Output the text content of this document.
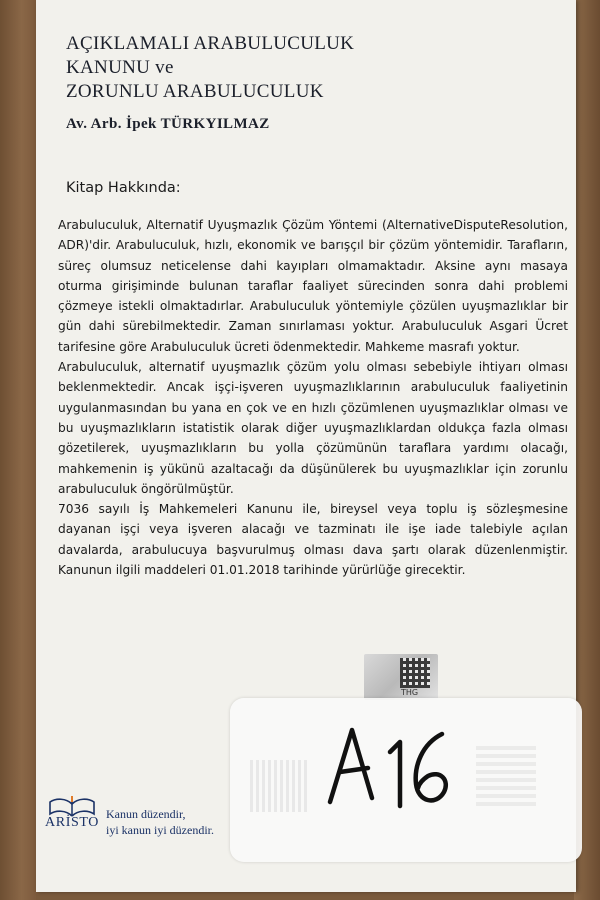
AÇIKLAMALI ARABULUCULUK
KANUNU ve
ZORUNLU ARABULUCULUK
Av. Arb. İpek TÜRKYILMAZ
Kitap Hakkında:

Arabuluculuk, Alternatif Uyuşmazlık Çözüm Yöntemi (AlternativeDisputeResolution, ADR)'dir. Arabuluculuk, hızlı, ekonomik ve barışçıl bir çözüm yöntemidir. Tarafların, süreç olumsuz neticelense dahi kayıpları olmamaktadır. Aksine aynı masaya oturma girişiminde bulunan taraflar faaliyet sürecinden sonra dahi problemi çözmeye istekli olmaktadırlar. Arabuluculuk yöntemiyle çözülen uyuşmazlıklar bir gün dahi sürebilmektedir. Zaman sınırlaması yoktur. Arabuluculuk Asgari Ücret tarifesine göre Arabuluculuk ücreti ödenmektedir. Mahkeme masrafı yoktur.

Arabuluculuk, alternatif uyuşmazlık çözüm yolu olması sebebiyle ihtiyarı olması beklenmektedir. Ancak işçi-işveren uyuşmazlıklarının arabuluculuk faaliyetinin uygulanmasından bu yana en çok ve en hızlı çözümlenen uyuşmazlıklar olması ve bu uyuşmazlıkların istatistik olarak diğer uyuşmazlıklardan oldukça fazla olması gözetilerek, uyuşmazlıkların bu yolla çözümünün taraflara yardımı olacağı, mahkemenin iş yükünü azaltacağı da düşünülerek bu uyuşmazlıklar için zorunlu arabuluculuk öngörülmüştür.

7036 sayılı İş Mahkemeleri Kanunu ile, bireysel veya toplu iş sözleşmesine dayanan işçi veya işveren alacağı ve tazminatı ile işe iade talebiyle açılan davalarda, arabulucuya başvurulmuş olması dava şartı olarak düzenlenmiştir. Kanunun ilgili maddeleri 01.01.2018 tarihinde yürürlüğe girecektir.

THG
ARİSTO
Kanun düzendir,
iyi kanun iyi düzendir.
